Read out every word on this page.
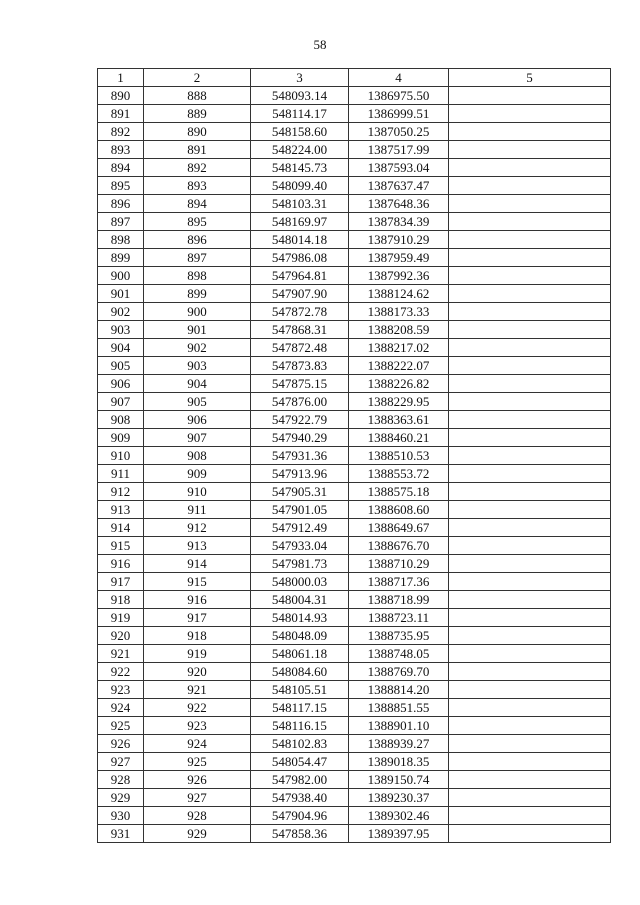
58
1	2	3	4	5
890	888	548093.14	1386975.50	
891	889	548114.17	1386999.51	
892	890	548158.60	1387050.25	
893	891	548224.00	1387517.99	
894	892	548145.73	1387593.04	
895	893	548099.40	1387637.47	
896	894	548103.31	1387648.36	
897	895	548169.97	1387834.39	
898	896	548014.18	1387910.29	
899	897	547986.08	1387959.49	
900	898	547964.81	1387992.36	
901	899	547907.90	1388124.62	
902	900	547872.78	1388173.33	
903	901	547868.31	1388208.59	
904	902	547872.48	1388217.02	
905	903	547873.83	1388222.07	
906	904	547875.15	1388226.82	
907	905	547876.00	1388229.95	
908	906	547922.79	1388363.61	
909	907	547940.29	1388460.21	
910	908	547931.36	1388510.53	
911	909	547913.96	1388553.72	
912	910	547905.31	1388575.18	
913	911	547901.05	1388608.60	
914	912	547912.49	1388649.67	
915	913	547933.04	1388676.70	
916	914	547981.73	1388710.29	
917	915	548000.03	1388717.36	
918	916	548004.31	1388718.99	
919	917	548014.93	1388723.11	
920	918	548048.09	1388735.95	
921	919	548061.18	1388748.05	
922	920	548084.60	1388769.70	
923	921	548105.51	1388814.20	
924	922	548117.15	1388851.55	
925	923	548116.15	1388901.10	
926	924	548102.83	1388939.27	
927	925	548054.47	1389018.35	
928	926	547982.00	1389150.74	
929	927	547938.40	1389230.37	
930	928	547904.96	1389302.46	
931	929	547858.36	1389397.95	
